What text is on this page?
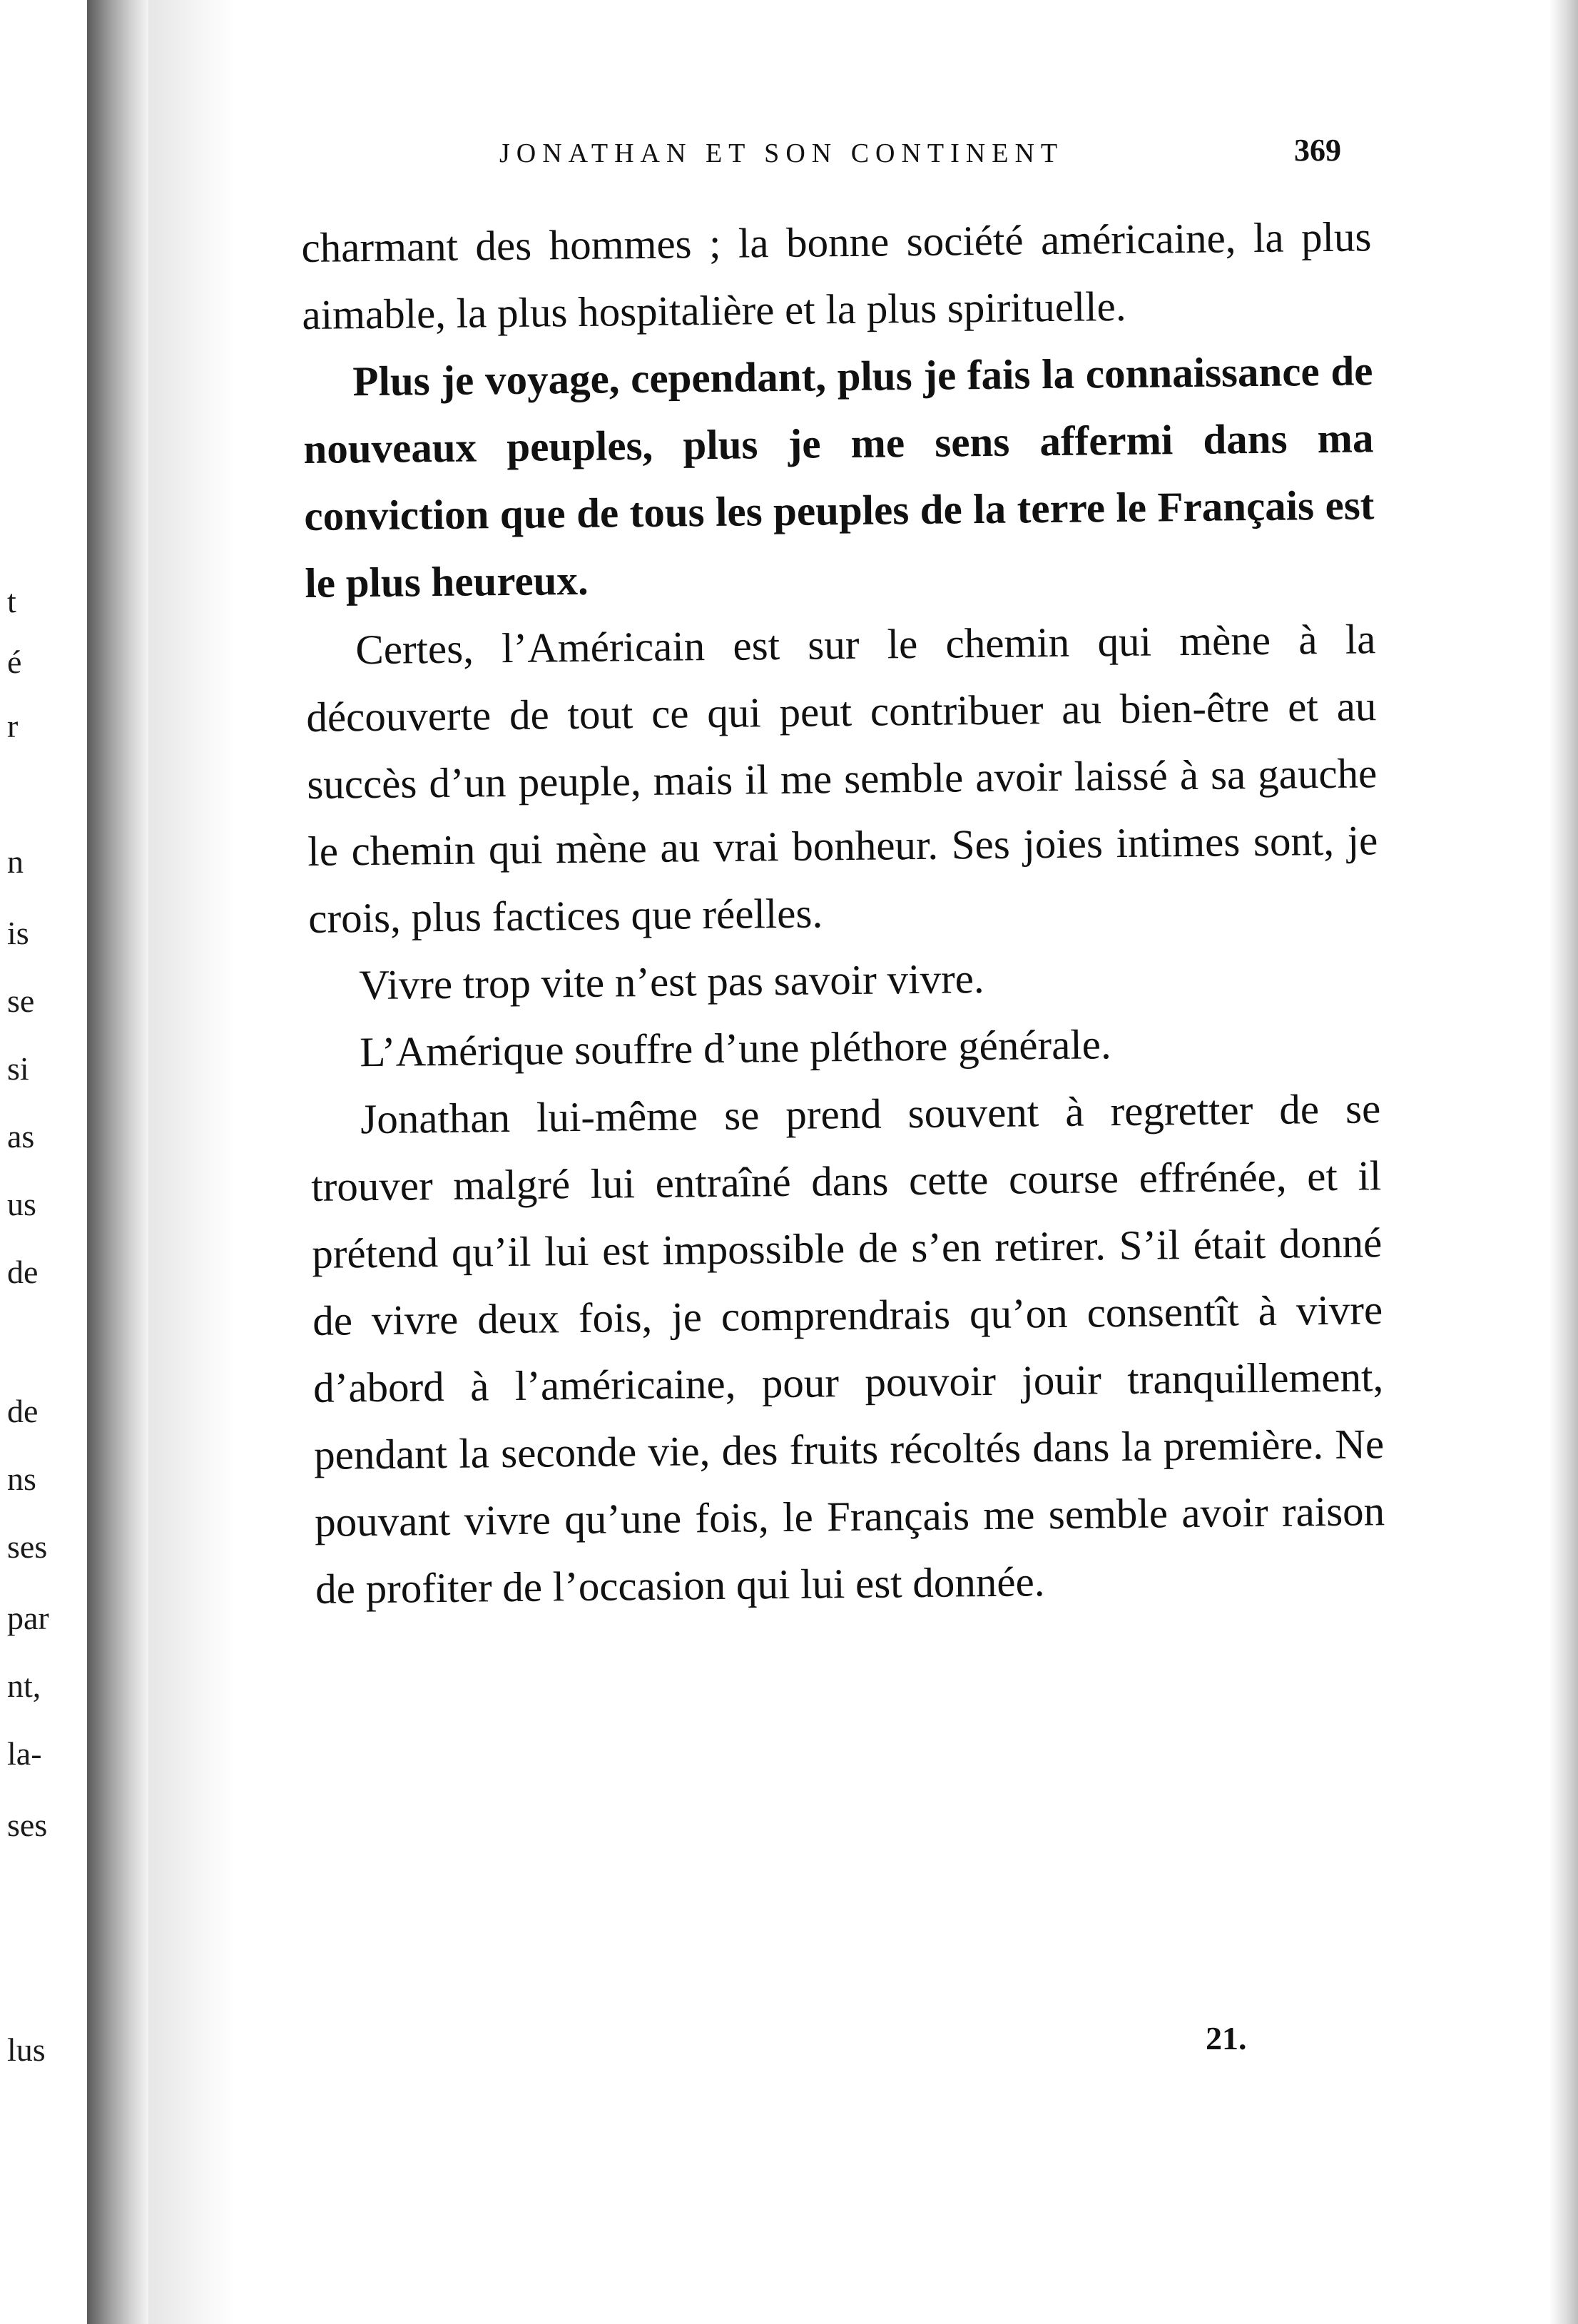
t
é
r
n
is
se
si
as
us
de
de
ns
ses
par
nt,
la-
ses
lus
JONATHAN ET SON CONTINENT	369

charmant des hommes ; la bonne société américaine, la plus aimable, la plus hospitalière et la plus spirituelle.

Plus je voyage, cependant, plus je fais la connaissance de nouveaux peuples, plus je me sens affermi dans ma conviction que de tous les peuples de la terre le Français est le plus heureux.

Certes, l’Américain est sur le chemin qui mène à la découverte de tout ce qui peut contribuer au bien-être et au succès d’un peuple, mais il me semble avoir laissé à sa gauche le chemin qui mène au vrai bonheur. Ses joies intimes sont, je crois, plus factices que réelles.

Vivre trop vite n’est pas savoir vivre.

L’Amérique souffre d’une pléthore générale.

Jonathan lui-même se prend souvent à regretter de se trouver malgré lui entraîné dans cette course effrénée, et il prétend qu’il lui est impossible de s’en retirer. S’il était donné de vivre deux fois, je comprendrais qu’on consentît à vivre d’abord à l’américaine, pour pouvoir jouir tranquillement, pendant la seconde vie, des fruits récoltés dans la première. Ne pouvant vivre qu’une fois, le Français me semble avoir raison de profiter de l’occasion qui lui est donnée.

21.
